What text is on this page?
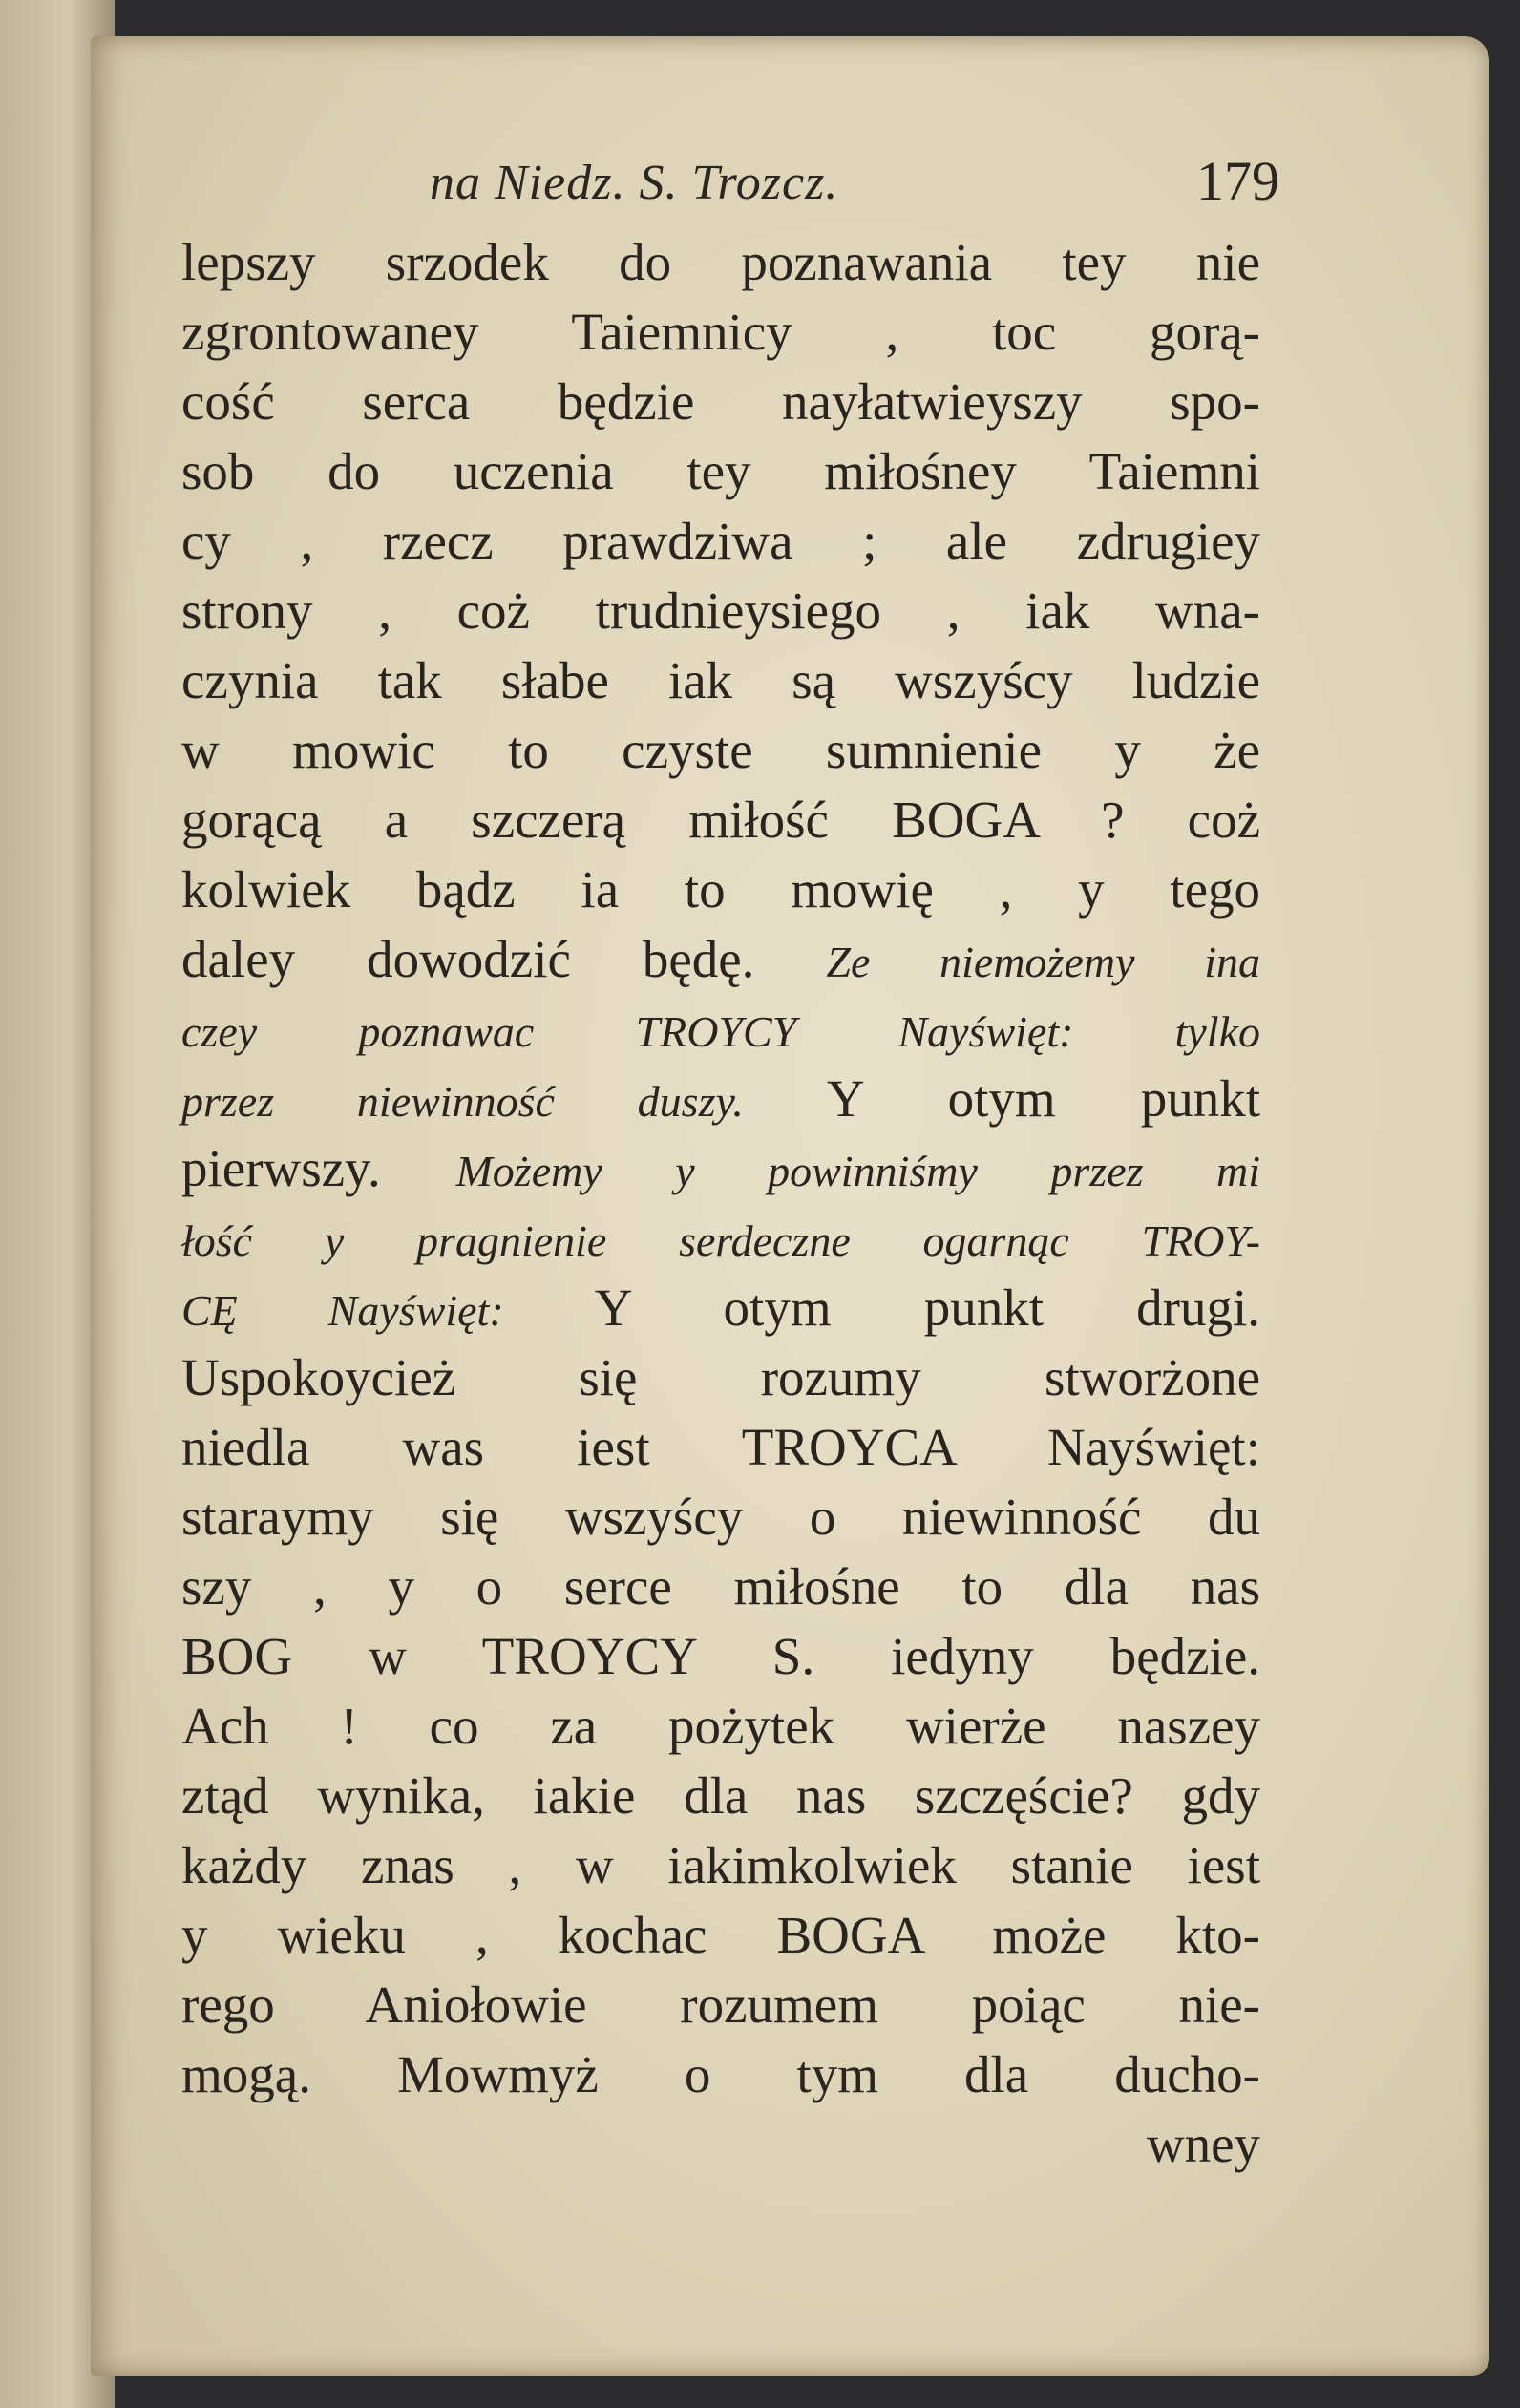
na Niedz. S. Trozcz.	179
lepszy srzodek do poznawania tey nie
zgrontowaney Taiemnicy , toc gorą-
cość serca będzie nayłatwieyszy spo-
sob do uczenia tey miłośney Taiemni
cy , rzecz prawdziwa ; ale zdrugiey
strony , coż trudnieysiego , iak wna-
czynia tak słabe iak są wszyścy ludzie
w mowic to czyste sumnienie y że
gorącą a szczerą miłość BOGA ? coż
kolwiek bądz ia to mowię , y tego
daley dowodzić będę. Ze niemożemy ina
czey poznawac TROYCY Nayświęt: tylko
przez niewinność duszy. Y otym punkt
pierwszy. Możemy y powinniśmy przez mi
łość y pragnienie serdeczne ogarnąc TROY-
CĘ Nayświęt: Y otym punkt drugi.
Uspokoycież się rozumy stworżone
niedla was iest TROYCA Nayświęt:
staraymy się wszyścy o niewinność du
szy , y o serce miłośne to dla nas
BOG w TROYCY S. iedyny będzie.
Ach ! co za pożytek wierże naszey
ztąd wynika, iakie dla nas szczęście? gdy
każdy znas , w iakimkolwiek stanie iest
y wieku , kochac BOGA może kto-
rego Aniołowie rozumem poiąc nie-
mogą. Mowmyż o tym dla ducho-
wney
